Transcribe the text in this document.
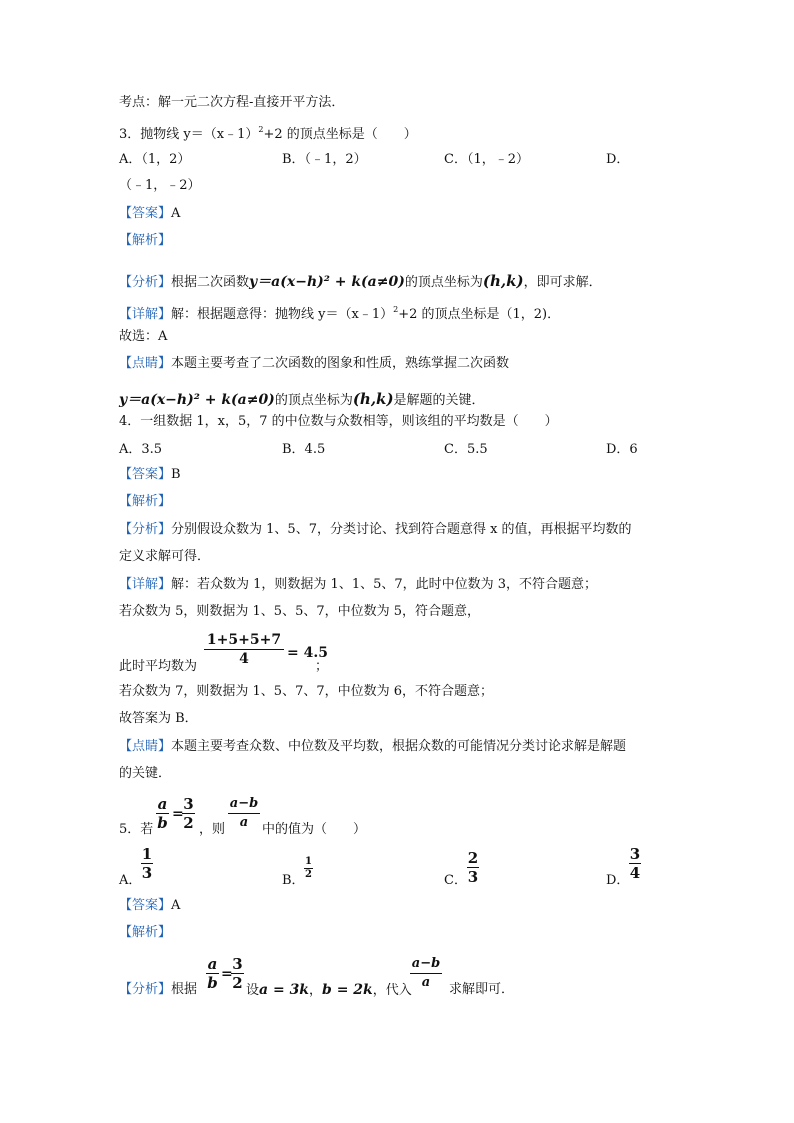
考点：解一元二次方程-直接开平方法．
3．抛物线 y＝（x﹣1）$^2$+2 的顶点坐标是（　　）
A．（1，2）	B．（﹣1，2）	C．（1，﹣2）	D．
（﹣1，﹣2）
【答案】A
【解析】
【分析】根据二次函数y＝a(x−h)² + k(a≠0)的顶点坐标为(h,k)，即可求解．
【详解】解：根据题意得：抛物线 y＝（x﹣1）$^2$+2 的顶点坐标是（1，2)．
故选：A
【点睛】本题主要考查了二次函数的图象和性质，熟练掌握二次函数
y＝a(x−h)² + k(a≠0)的顶点坐标为(h,k)是解题的关键．
4．一组数据 1，x，5，7 的中位数与众数相等，则该组的平均数是（　　）
A．3.5	B．4.5	C．5.5	D．6
【答案】B
【解析】
【分析】分别假设众数为 1、5、7，分类讨论、找到符合题意得 x 的值，再根据平均数的
定义求解可得．
【详解】解：若众数为 1，则数据为 1、1、5、7，此时中位数为 3，不符合题意；
若众数为 5，则数据为 1、5、5、7，中位数为 5，符合题意，
此时平均数为
1+5+5+7
4	= 4.5
；
若众数为 7，则数据为 1、5、7、7，中位数为 6，不符合题意；
故答案为 B．
【点睛】本题主要考查众数、中位数及平均数，根据众数的可能情况分类讨论求解是解题
的关键．
5．若
a
b =
3
2 ，则
a−b
a	中的值为（　　）
A．
1
3	B．
1
2	C．
2
3	D．
3
4
【答案】A
【解析】
【分析】根据
a
b =
3
2 设a = 3k，b = 2k，代入
a−b
a	求解即可．
